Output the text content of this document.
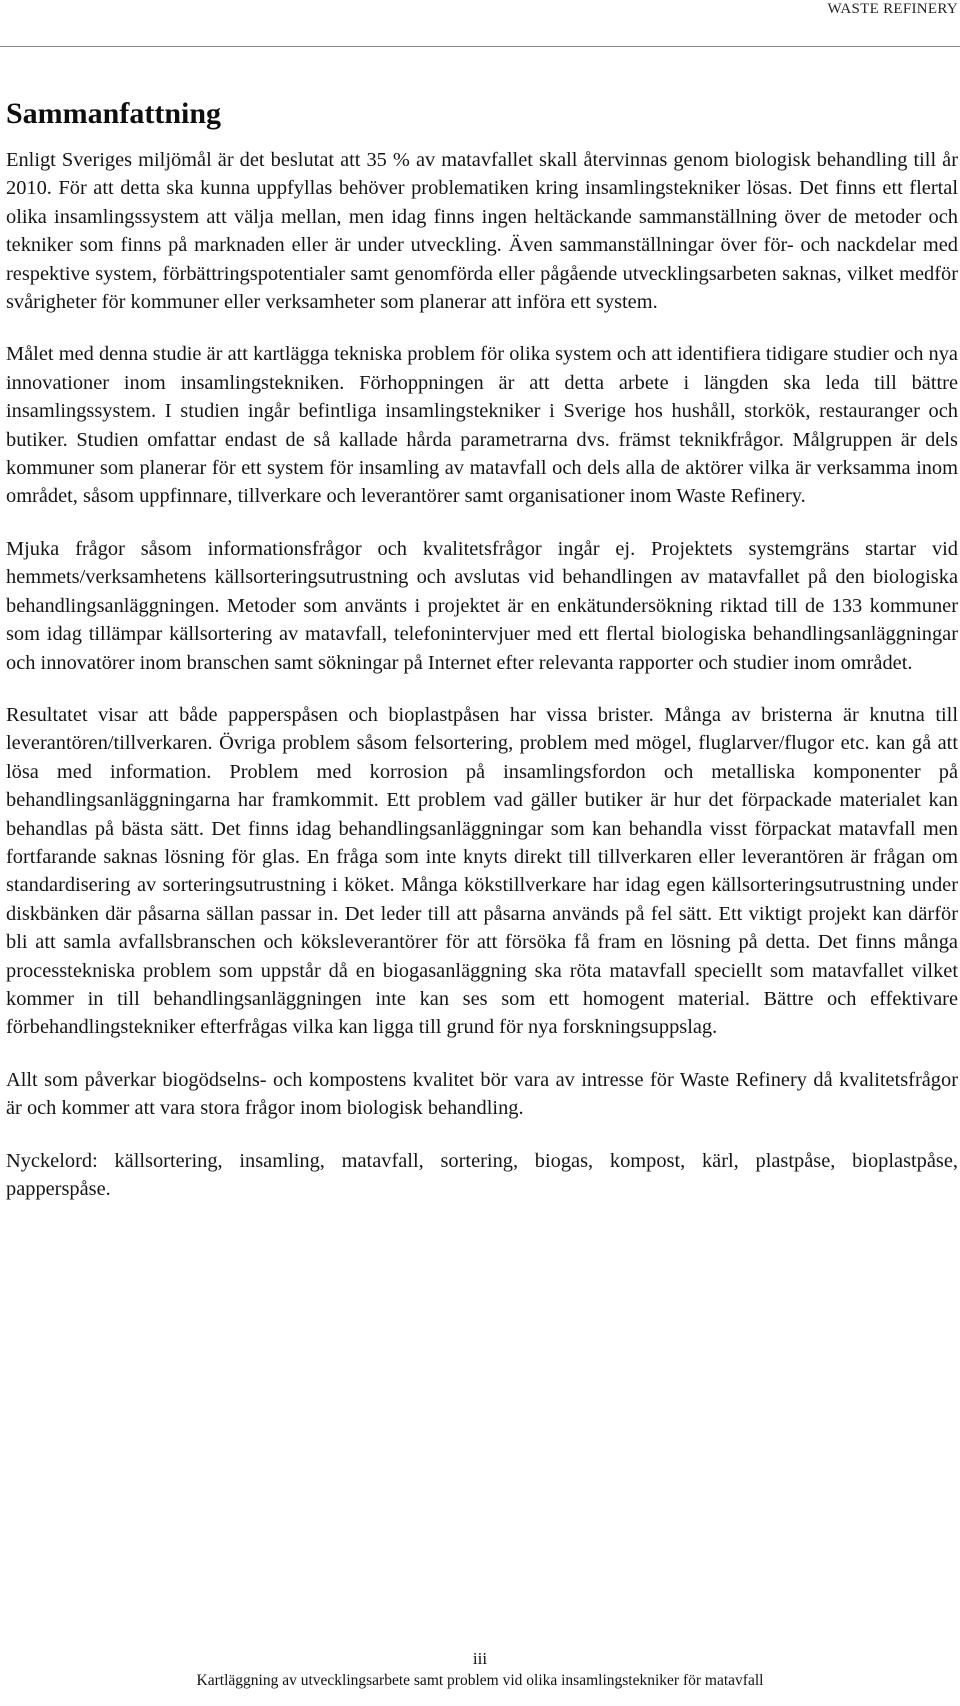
WASTE REFINERY
Sammanfattning

Enligt Sveriges miljömål är det beslutat att 35 % av matavfallet skall återvinnas genom biologisk behandling till år 2010. För att detta ska kunna uppfyllas behöver problematiken kring insamlingstekniker lösas. Det finns ett flertal olika insamlingssystem att välja mellan, men idag finns ingen heltäckande sammanställning över de metoder och tekniker som finns på marknaden eller är under utveckling. Även sammanställningar över för- och nackdelar med respektive system, förbättringspotentialer samt genomförda eller pågående utvecklingsarbeten saknas, vilket medför svårigheter för kommuner eller verksamheter som planerar att införa ett system.

Målet med denna studie är att kartlägga tekniska problem för olika system och att identifiera tidigare studier och nya innovationer inom insamlingstekniken. Förhoppningen är att detta arbete i längden ska leda till bättre insamlingssystem. I studien ingår befintliga insamlingstekniker i Sverige hos hushåll, storkök, restauranger och butiker. Studien omfattar endast de så kallade hårda parametrarna dvs. främst teknikfrågor. Målgruppen är dels kommuner som planerar för ett system för insamling av matavfall och dels alla de aktörer vilka är verksamma inom området, såsom uppfinnare, tillverkare och leverantörer samt organisationer inom Waste Refinery.

Mjuka frågor såsom informationsfrågor och kvalitetsfrågor ingår ej. Projektets systemgräns startar vid hemmets/verksamhetens källsorteringsutrustning och avslutas vid behandlingen av matavfallet på den biologiska behandlingsanläggningen. Metoder som använts i projektet är en enkätundersökning riktad till de 133 kommuner som idag tillämpar källsortering av matavfall, telefonintervjuer med ett flertal biologiska behandlingsanläggningar och innovatörer inom branschen samt sökningar på Internet efter relevanta rapporter och studier inom området.

Resultatet visar att både papperspåsen och bioplastpåsen har vissa brister. Många av bristerna är knutna till leverantören/tillverkaren. Övriga problem såsom felsortering, problem med mögel, fluglarver/flugor etc. kan gå att lösa med information. Problem med korrosion på insamlingsfordon och metalliska komponenter på behandlingsanläggningarna har framkommit. Ett problem vad gäller butiker är hur det förpackade materialet kan behandlas på bästa sätt. Det finns idag behandlingsanläggningar som kan behandla visst förpackat matavfall men fortfarande saknas lösning för glas. En fråga som inte knyts direkt till tillverkaren eller leverantören är frågan om standardisering av sorteringsutrustning i köket. Många kökstillverkare har idag egen källsorteringsutrustning under diskbänken där påsarna sällan passar in. Det leder till att påsarna används på fel sätt. Ett viktigt projekt kan därför bli att samla avfallsbranschen och köksleverantörer för att försöka få fram en lösning på detta. Det finns många processtekniska problem som uppstår då en biogasanläggning ska röta matavfall speciellt som matavfallet vilket kommer in till behandlingsanläggningen inte kan ses som ett homogent material. Bättre och effektivare förbehandlingstekniker efterfrågas vilka kan ligga till grund för nya forskningsuppslag.

Allt som påverkar biogödselns- och kompostens kvalitet bör vara av intresse för Waste Refinery då kvalitetsfrågor är och kommer att vara stora frågor inom biologisk behandling.

Nyckelord: källsortering, insamling, matavfall, sortering, biogas, kompost, kärl, plastpåse, bioplastpåse, papperspåse.

iii
Kartläggning av utvecklingsarbete samt problem vid olika insamlingstekniker för matavfall
